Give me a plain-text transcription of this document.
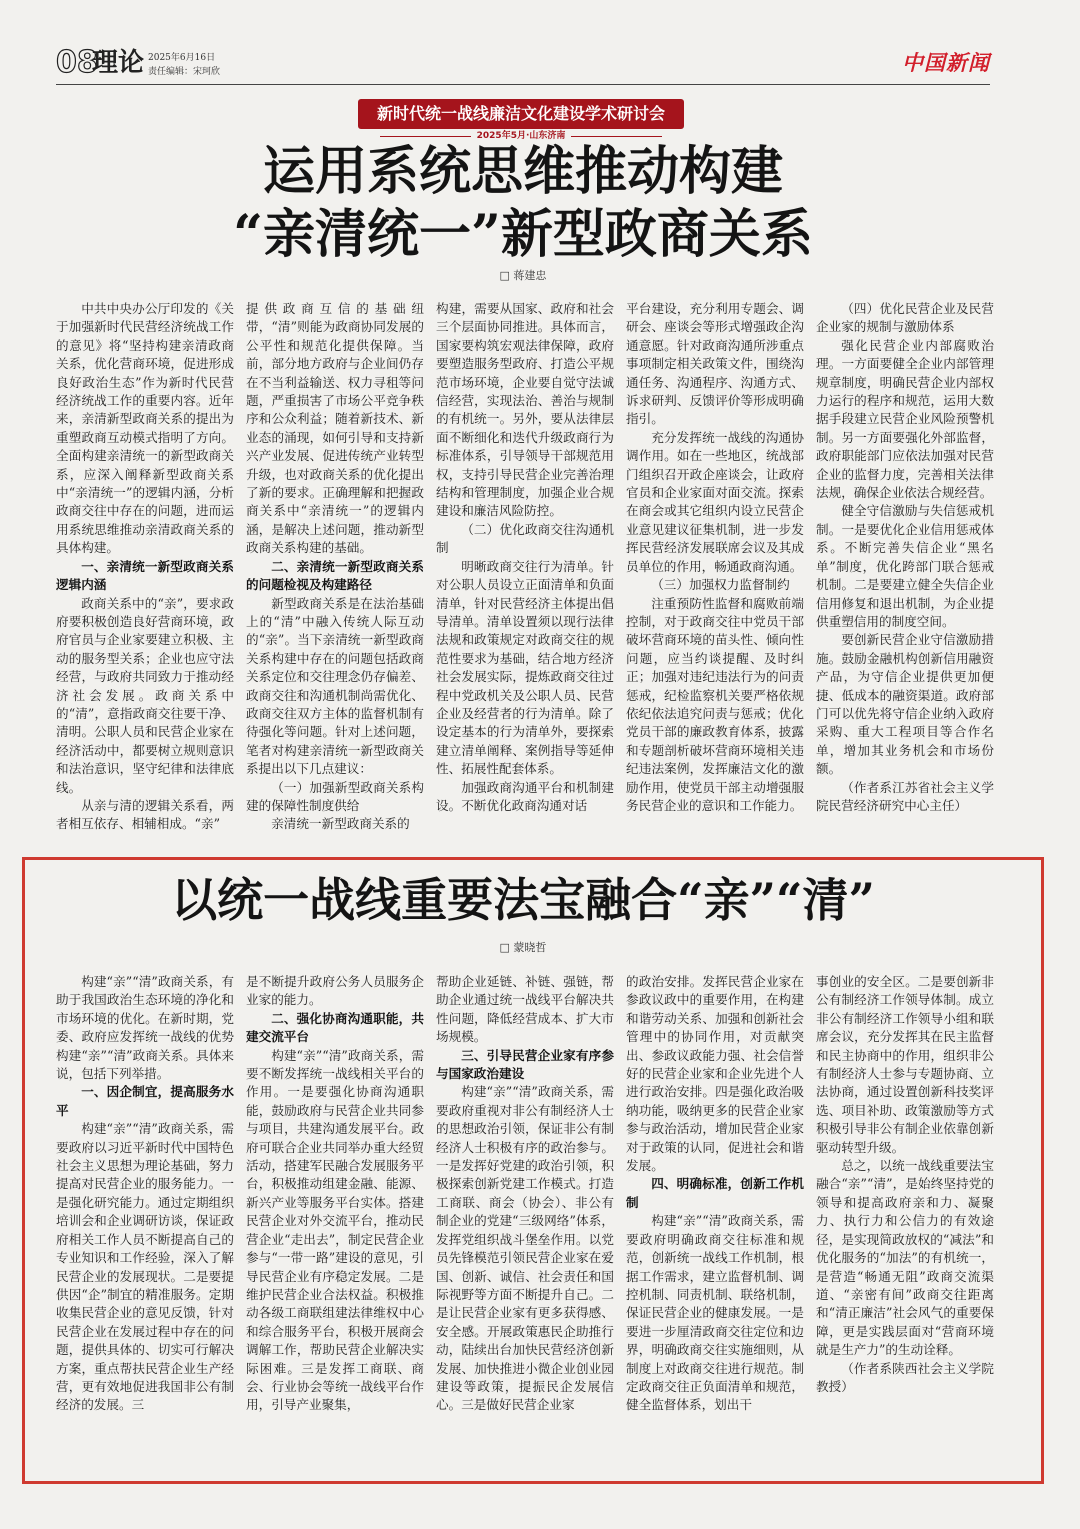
08
理论 2025年6月16日
责任编辑：宋珂欣	中国新闻
新时代统一战线廉洁文化建设学术研讨会
2025年5月·山东济南
运用系统思维推动构建
“亲清统一”新型政商关系
□ 蒋建忠

中共中央办公厅印发的《关于加强新时代民营经济统战工作的意见》将“坚持构建亲清政商关系，优化营商环境，促进形成良好政治生态”作为新时代民营经济统战工作的重要内容。近年来，亲清新型政商关系的提出为重塑政商互动模式指明了方向。全面构建亲清统一的新型政商关系，应深入阐释新型政商关系中“亲清统一”的逻辑内涵，分析政商交往中存在的问题，进而运用系统思维推动亲清政商关系的具体构建。

一、亲清统一新型政商关系逻辑内涵

政商关系中的“亲”，要求政府要积极创造良好营商环境，政府官员与企业家要建立积极、主动的服务型关系；企业也应守法经营，与政府共同致力于推动经济社会发展。政商关系中的“清”，意指政商交往要干净、清明。公职人员和民营企业家在经济活动中，都要树立规则意识和法治意识，坚守纪律和法律底线。

从亲与清的逻辑关系看，两者相互依存、相辅相成。“亲”

提供政商互信的基础纽带，“清”则能为政商协同发展的公平性和规范化提供保障。当前，部分地方政府与企业间仍存在不当利益输送、权力寻租等问题，严重损害了市场公平竞争秩序和公众利益；随着新技术、新业态的涌现，如何引导和支持新兴产业发展、促进传统产业转型升级，也对政商关系的优化提出了新的要求。正确理解和把握政商关系中“亲清统一”的逻辑内涵，是解决上述问题，推动新型政商关系构建的基础。

二、亲清统一新型政商关系的问题检视及构建路径

新型政商关系是在法治基础上的“清”中融入传统人际互动的“亲”。当下亲清统一新型政商关系构建中存在的问题包括政商关系定位和交往理念仍存偏差、政商交往和沟通机制尚需优化、政商交往双方主体的监督机制有待强化等问题。针对上述问题，笔者对构建亲清统一新型政商关系提出以下几点建议：

（一）加强新型政商关系构建的保障性制度供给

亲清统一新型政商关系的

构建，需要从国家、政府和社会三个层面协同推进。具体而言，国家要构筑宏观法律保障，政府要塑造服务型政府、打造公平规范市场环境，企业要自觉守法诚信经营，实现法治、善治与规制的有机统一。另外，要从法律层面不断细化和迭代升级政商行为标准体系，引导领导干部规范用权，支持引导民营企业完善治理结构和管理制度，加强企业合规建设和廉洁风险防控。

（二）优化政商交往沟通机制

明晰政商交往行为清单。针对公职人员设立正面清单和负面清单，针对民营经济主体提出倡导清单。清单设置须以现行法律法规和政策规定对政商交往的规范性要求为基础，结合地方经济社会发展实际，提炼政商交往过程中党政机关及公职人员、民营企业及经营者的行为清单。除了设定基本的行为清单外，要探索建立清单阐释、案例指导等延伸性、拓展性配套体系。

加强政商沟通平台和机制建设。不断优化政商沟通对话

平台建设，充分利用专题会、调研会、座谈会等形式增强政企沟通意愿。针对政商沟通所涉重点事项制定相关政策文件，围绕沟通任务、沟通程序、沟通方式、诉求研判、反馈评价等形成明确指引。

充分发挥统一战线的沟通协调作用。如在一些地区，统战部门组织召开政企座谈会，让政府官员和企业家面对面交流。探索在商会或其它组织内设立民营企业意见建议征集机制，进一步发挥民营经济发展联席会议及其成员单位的作用，畅通政商沟通。

（三）加强权力监督制约

注重预防性监督和腐败前端控制，对于政商交往中党员干部破坏营商环境的苗头性、倾向性问题，应当约谈提醒、及时纠正；加强对违纪违法行为的问责惩戒，纪检监察机关要严格依规依纪依法追究问责与惩戒；优化党员干部的廉政教育体系，披露和专题剖析破坏营商环境相关违纪违法案例，发挥廉洁文化的激励作用，使党员干部主动增强服务民营企业的意识和工作能力。

（四）优化民营企业及民营企业家的规制与激励体系

强化民营企业内部腐败治理。一方面要健全企业内部管理规章制度，明确民营企业内部权力运行的程序和规范，运用大数据手段建立民营企业风险预警机制。另一方面要强化外部监督，政府职能部门应依法加强对民营企业的监督力度，完善相关法律法规，确保企业依法合规经营。

健全守信激励与失信惩戒机制。一是要优化企业信用惩戒体系。不断完善失信企业“黑名单”制度，优化跨部门联合惩戒机制。二是要建立健全失信企业信用修复和退出机制，为企业提供重塑信用的制度空间。

要创新民营企业守信激励措施。鼓励金融机构创新信用融资产品，为守信企业提供更加便捷、低成本的融资渠道。政府部门可以优先将守信企业纳入政府采购、重大工程项目等合作名单，增加其业务机会和市场份额。

（作者系江苏省社会主义学院民营经济研究中心主任）

以统一战线重要法宝融合“亲”“清”
□ 蒙晓哲

构建“亲”“清”政商关系，有助于我国政治生态环境的净化和市场环境的优化。在新时期，党委、政府应发挥统一战线的优势构建“亲”“清”政商关系。具体来说，包括下列举措。

一、因企制宜，提高服务水平

构建“亲”“清”政商关系，需要政府以习近平新时代中国特色社会主义思想为理论基础，努力提高对民营企业的服务能力。一是强化研究能力。通过定期组织培训会和企业调研访谈，保证政府相关工作人员不断提高自己的专业知识和工作经验，深入了解民营企业的发展现状。二是要提供因“企”制宜的精准服务。定期收集民营企业的意见反馈，针对民营企业在发展过程中存在的问题，提供具体的、切实可行解决方案，重点帮扶民营企业生产经营，更有效地促进我国非公有制经济的发展。三

是不断提升政府公务人员服务企业家的能力。

二、强化协商沟通职能，共建交流平台

构建“亲”“清”政商关系，需要不断发挥统一战线相关平台的作用。一是要强化协商沟通职能，鼓励政府与民营企业共同参与项目，共建沟通发展平台。政府可联合企业共同举办重大经贸活动，搭建军民融合发展服务平台，积极推动组建金融、能源、新兴产业等服务平台实体。搭建民营企业对外交流平台，推动民营企业“走出去”，制定民营企业参与“一带一路”建设的意见，引导民营企业有序稳定发展。二是维护民营企业合法权益。积极推动各级工商联组建法律维权中心和综合服务平台，积极开展商会调解工作，帮助民营企业解决实际困难。三是发挥工商联、商会、行业协会等统一战线平台作用，引导产业聚集，

帮助企业延链、补链、强链，帮助企业通过统一战线平台解决共性问题，降低经营成本、扩大市场规模。

三、引导民营企业家有序参与国家政治建设

构建“亲”“清”政商关系，需要政府重视对非公有制经济人士的思想政治引领，保证非公有制经济人士积极有序的政治参与。一是发挥好党建的政治引领，积极探索创新党建工作模式。打造工商联、商会（协会）、非公有制企业的党建“三级网络”体系，发挥党组织战斗堡垒作用。以党员先锋模范引领民营企业家在爱国、创新、诚信、社会责任和国际视野等方面不断提升自己。二是让民营企业家有更多获得感、安全感。开展政策惠民企助推行动，陆续出台加快民营经济创新发展、加快推进小微企业创业园建设等政策，提振民企发展信心。三是做好民营企业家

的政治安排。发挥民营企业家在参政议政中的重要作用，在构建和谐劳动关系、加强和创新社会管理中的协同作用，对贡献突出、参政议政能力强、社会信誉好的民营企业家和企业先进个人进行政治安排。四是强化政治吸纳功能，吸纳更多的民营企业家参与政治活动，增加民营企业家对于政策的认同，促进社会和谐发展。

四、明确标准，创新工作机制

构建“亲”“清”政商关系，需要政府明确政商交往标准和规范，创新统一战线工作机制，根据工作需求，建立监督机制、调控机制、同责机制、联络机制，保证民营企业的健康发展。一是要进一步厘清政商交往定位和边界，明确政商交往实施细则，从制度上对政商交往进行规范。制定政商交往正负面清单和规范，健全监督体系，划出干

事创业的安全区。二是要创新非公有制经济工作领导体制。成立非公有制经济工作领导小组和联席会议，充分发挥其在民主监督和民主协商中的作用，组织非公有制经济人士参与专题协商、立法协商，通过设置创新科技奖评选、项目补助、政策激励等方式积极引导非公有制企业依靠创新驱动转型升级。

总之，以统一战线重要法宝融合“亲”“清”，是始终坚持党的领导和提高政府亲和力、凝聚力、执行力和公信力的有效途径，是实现简政放权的“减法”和优化服务的“加法”的有机统一，是营造“畅通无阻”政商交流渠道、“亲密有间”政商交往距离和“清正廉洁”社会风气的重要保障，更是实践层面对“营商环境就是生产力”的生动诠释。

（作者系陕西社会主义学院教授）
